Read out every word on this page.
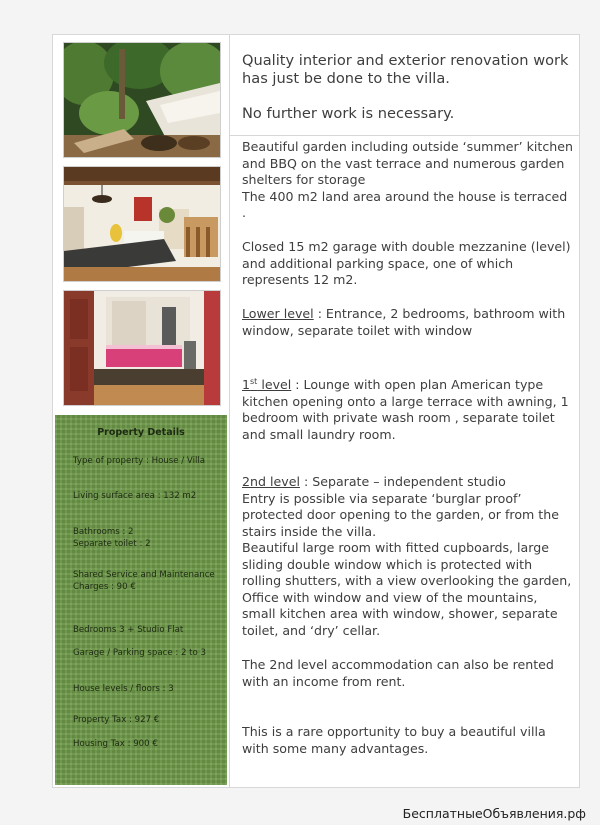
Property Details
Type of property : House / Villa
Living surface area : 132 m2
Bathrooms : 2
Separate toilet : 2
Shared Service and Maintenance Charges : 90 €
Bedrooms 3 + Studio Flat
Garage / Parking space : 2 to 3
House levels / floors : 3
Property Tax : 927 €
Housing Tax : 900 €
Quality interior and exterior renovation work has just be done to the villa.
No further work is necessary.
Beautiful garden including outside ‘summer’ kitchen and BBQ on the vast terrace and numerous garden shelters for storage
The 400 m2 land area around the house is terraced .
Closed 15 m2 garage with double mezzanine (level) and additional parking space, one of which represents 12 m2.
Lower level : Entrance, 2 bedrooms, bathroom with window, separate toilet with window
1st level : Lounge with open plan American type kitchen opening onto a large terrace with awning, 1 bedroom with private wash room , separate toilet and small laundry room.
2nd level : Separate – independent studio
Entry is possible via separate ‘burglar proof’ protected door opening to the garden, or from the stairs inside the villa.
Beautiful large room with fitted cupboards, large sliding double window which is protected with rolling shutters, with a view overlooking the garden, Office with window and view of the mountains, small kitchen area with window, shower, separate toilet, and ‘dry’ cellar.
The 2nd level accommodation can also be rented with an income from rent.
This is a rare opportunity to buy a beautiful villa with some many advantages.
БесплатныеОбъявления.рф
